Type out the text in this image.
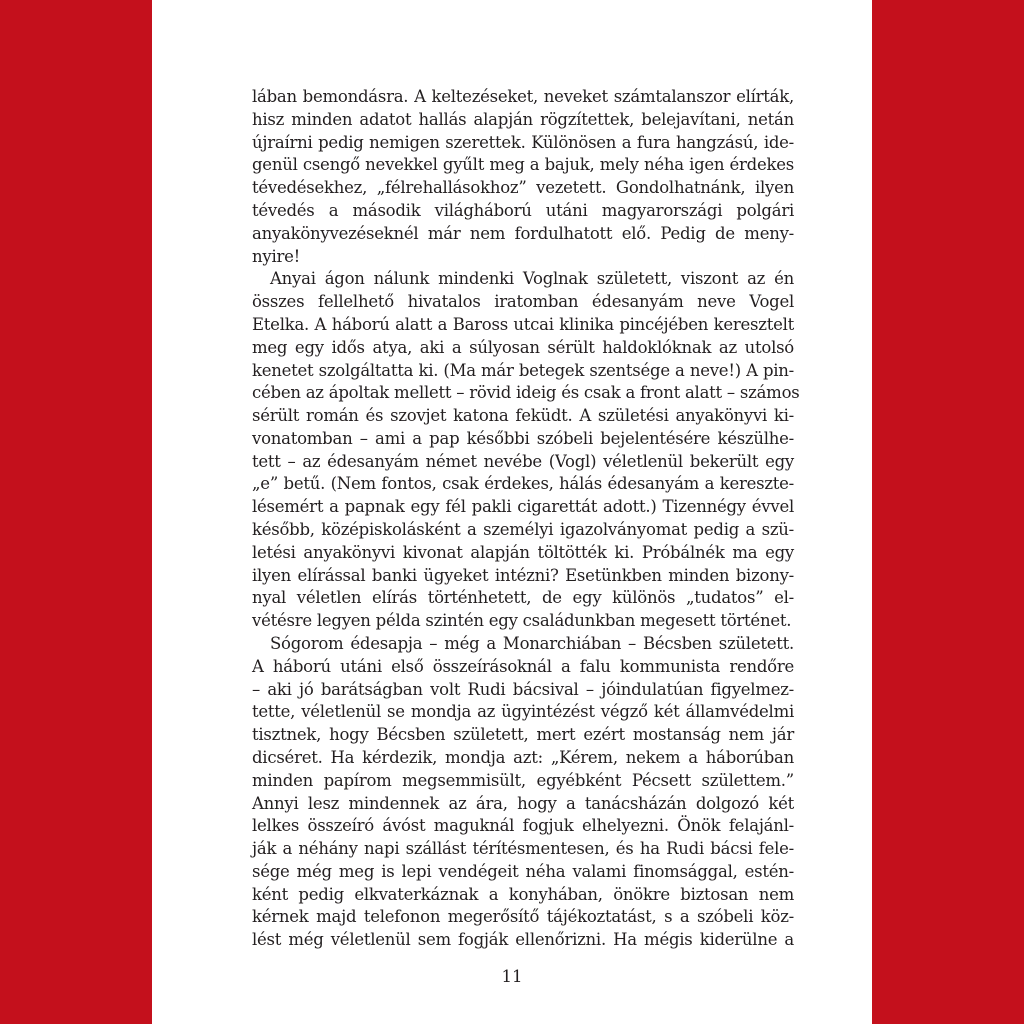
lában bemondásra. A keltezéseket, neveket számtalanszor elírták,
hisz minden adatot hallás alapján rögzítettek, belejavítani, netán
újraírni pedig nemigen szerettek. Különösen a fura hangzású, ide-
genül csengő nevekkel gyűlt meg a bajuk, mely néha igen érdekes
tévedésekhez, „félrehallásokhoz” vezetett. Gondolhatnánk, ilyen
tévedés a második világháború utáni magyarországi polgári
anyakönyvezéseknél már nem fordulhatott elő. Pedig de meny-
nyire!
Anyai ágon nálunk mindenki Voglnak született, viszont az én
összes fellelhető hivatalos iratomban édesanyám neve Vogel
Etelka. A háború alatt a Baross utcai klinika pincéjében keresztelt
meg egy idős atya, aki a súlyosan sérült haldoklóknak az utolsó
kenetet szolgáltatta ki. (Ma már betegek szentsége a neve!) A pin-
cében az ápoltak mellett – rövid ideig és csak a front alatt – számos
sérült román és szovjet katona feküdt. A születési anyakönyvi ki-
vonatomban – ami a pap későbbi szóbeli bejelentésére készülhe-
tett – az édesanyám német nevébe (Vogl) véletlenül bekerült egy
„e” betű. (Nem fontos, csak érdekes, hálás édesanyám a kereszte-
lésemért a papnak egy fél pakli cigarettát adott.) Tizennégy évvel
később, középiskolásként a személyi igazolványomat pedig a szü-
letési anyakönyvi kivonat alapján töltötték ki. Próbálnék ma egy
ilyen elírással banki ügyeket intézni? Esetünkben minden bizony-
nyal véletlen elírás történhetett, de egy különös „tudatos” el-
vétésre legyen példa szintén egy családunkban megesett történet.
Sógorom édesapja – még a Monarchiában – Bécsben született.
A háború utáni első összeírásoknál a falu kommunista rendőre
– aki jó barátságban volt Rudi bácsival – jóindulatúan figyelmez-
tette, véletlenül se mondja az ügyintézést végző két államvédelmi
tisztnek, hogy Bécsben született, mert ezért mostanság nem jár
dicséret. Ha kérdezik, mondja azt: „Kérem, nekem a háborúban
minden papírom megsemmisült, egyébként Pécsett születtem.”
Annyi lesz mindennek az ára, hogy a tanácsházán dolgozó két
lelkes összeíró ávóst maguknál fogjuk elhelyezni. Önök felajánl-
ják a néhány napi szállást térítésmentesen, és ha Rudi bácsi fele-
sége még meg is lepi vendégeit néha valami finomsággal, estén-
ként pedig elkvaterkáznak a konyhában, önökre biztosan nem
kérnek majd telefonon megerősítő tájékoztatást, s a szóbeli köz-
lést még véletlenül sem fogják ellenőrizni. Ha mégis kiderülne a
11
